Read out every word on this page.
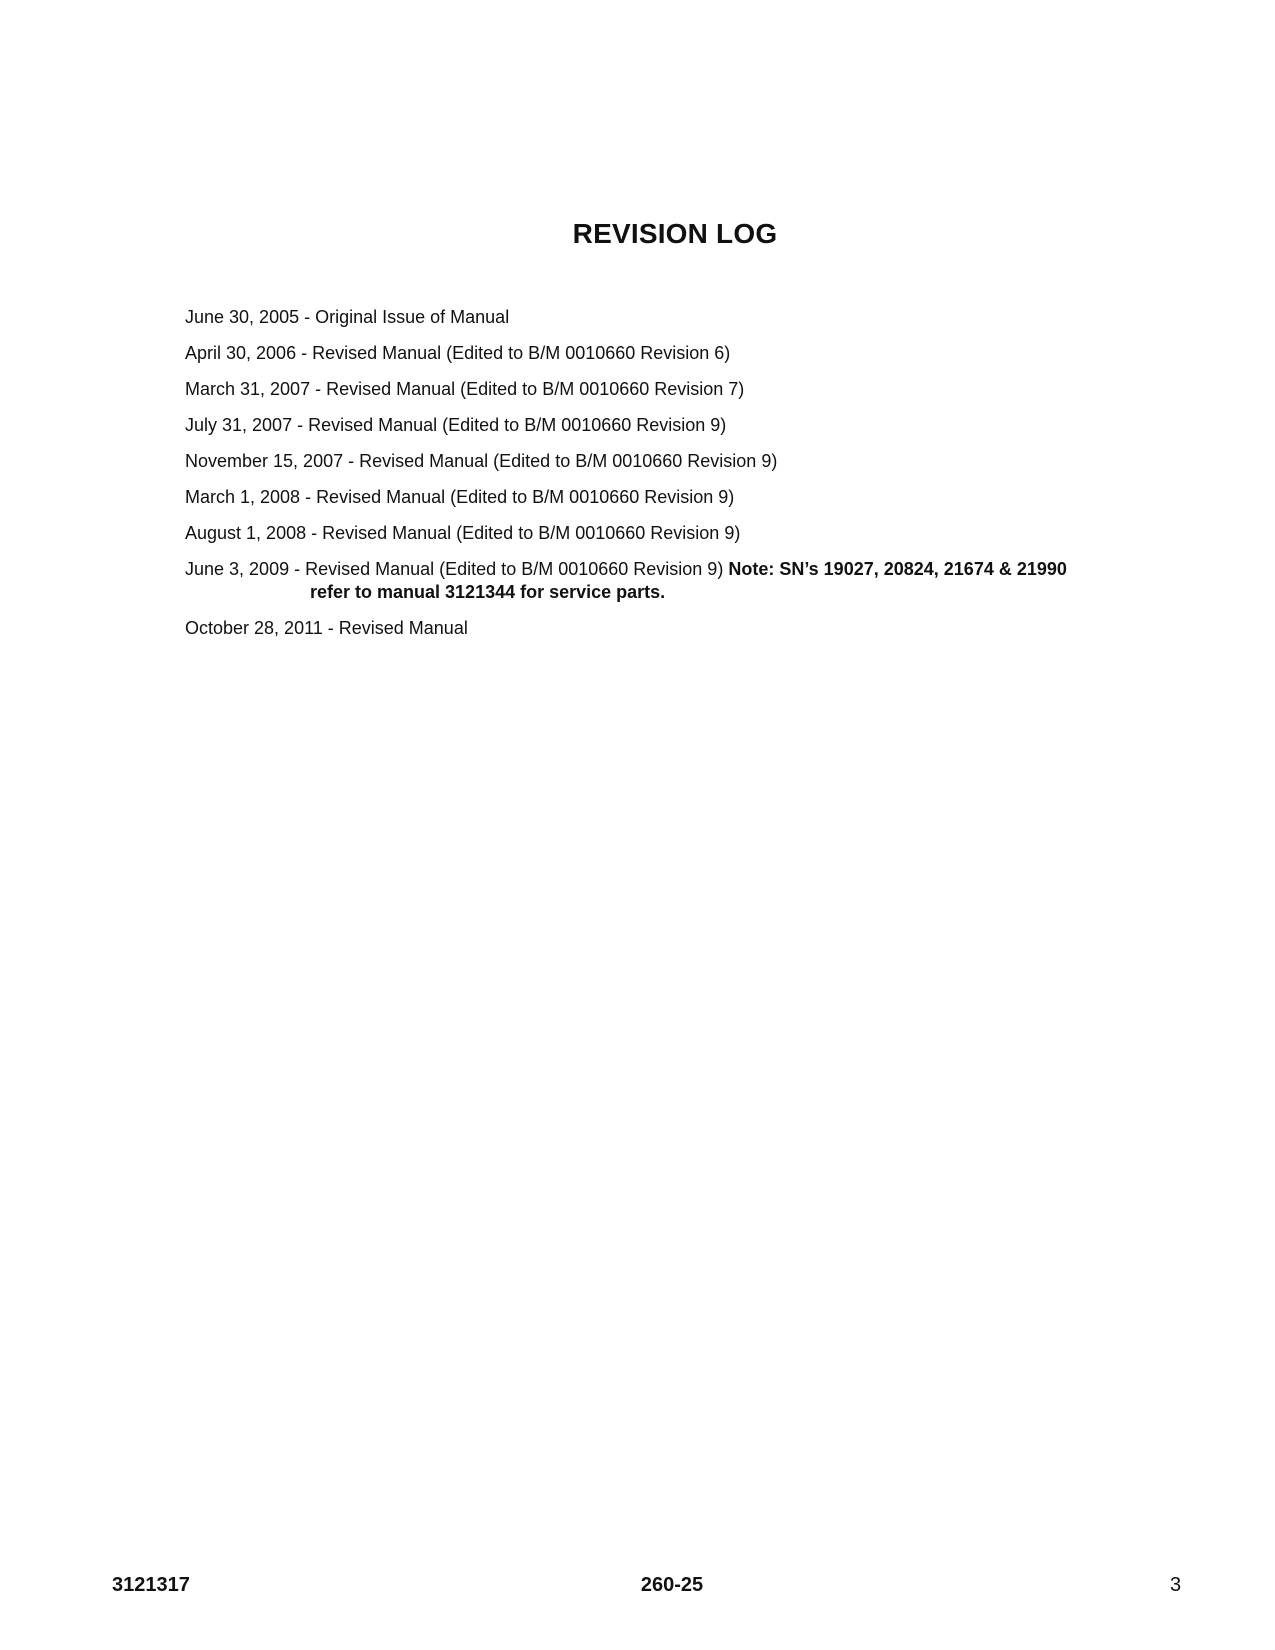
REVISION LOG
June 30, 2005 - Original Issue of Manual
April 30, 2006 - Revised Manual (Edited to B/M 0010660 Revision 6)
March 31, 2007 - Revised Manual (Edited to B/M 0010660 Revision 7)
July 31, 2007 - Revised Manual (Edited to B/M 0010660 Revision 9)
November 15, 2007 - Revised Manual (Edited to B/M 0010660 Revision 9)
March 1, 2008 - Revised Manual (Edited to B/M 0010660 Revision 9)
August 1, 2008 - Revised Manual (Edited to B/M 0010660 Revision 9)
June 3, 2009 - Revised Manual (Edited to B/M 0010660 Revision 9) Note: SN’s 19027, 20824, 21674 & 21990
refer to manual 3121344 for service parts.
October 28, 2011 - Revised Manual
3121317	260-25	3
